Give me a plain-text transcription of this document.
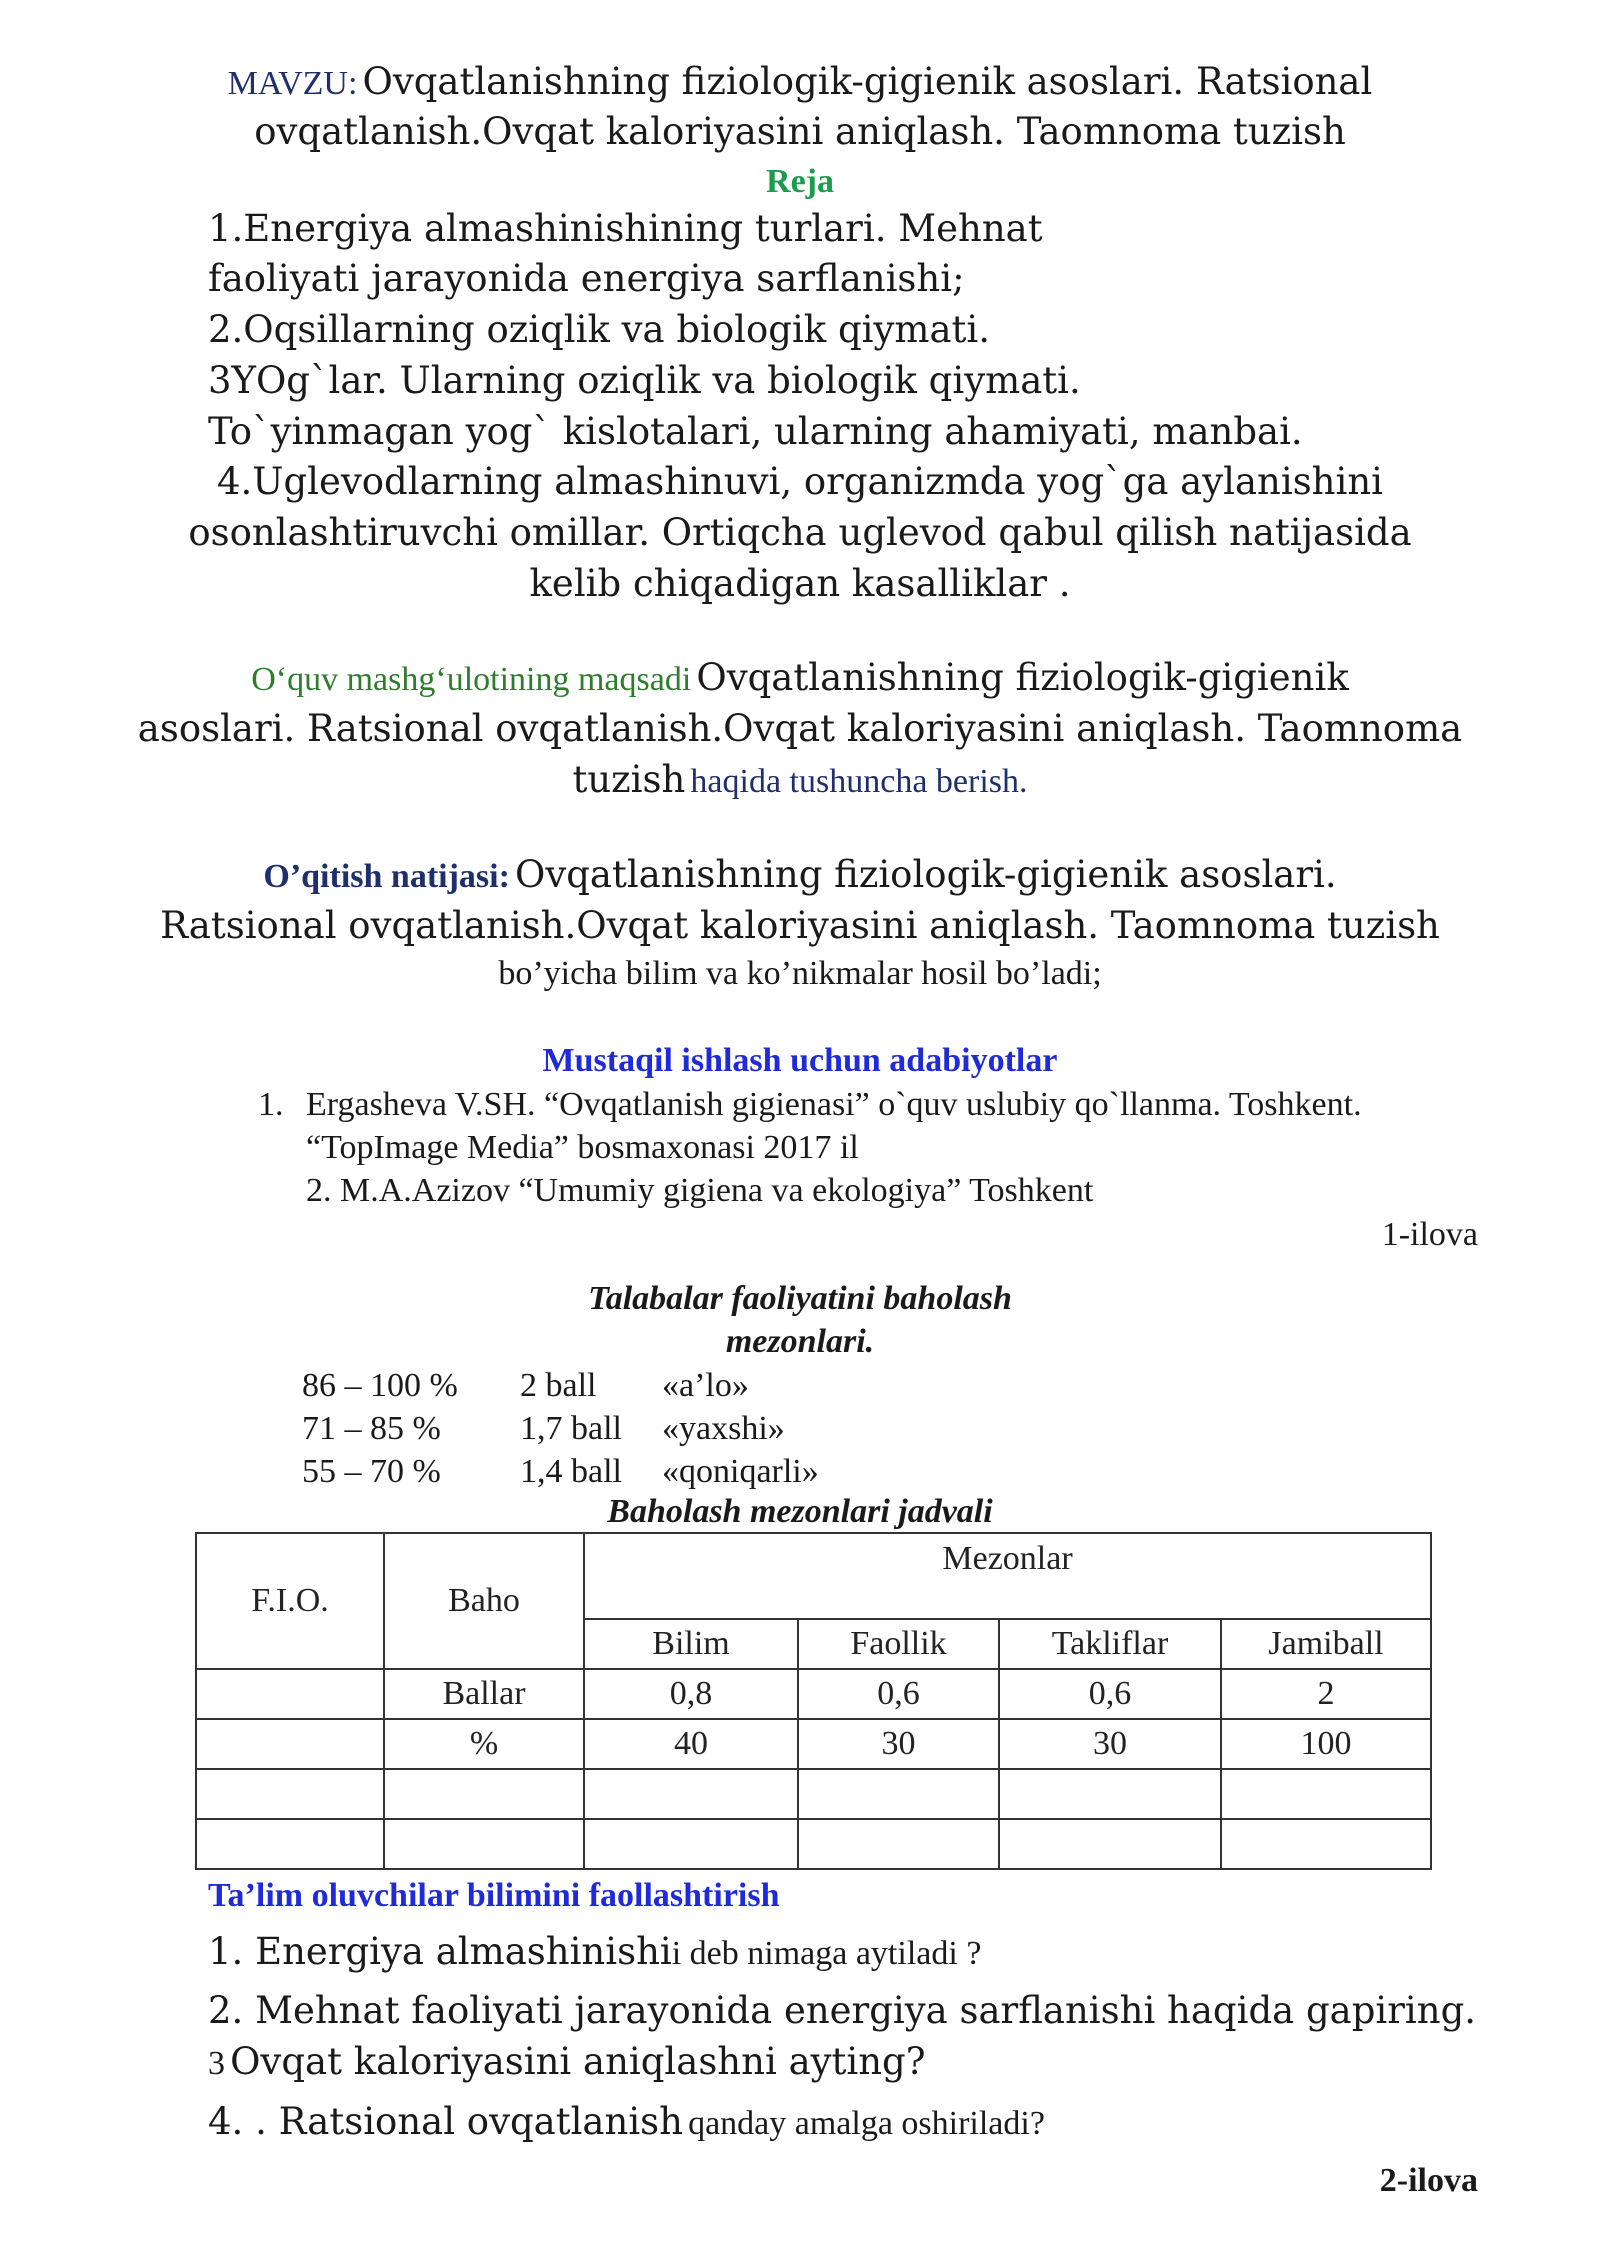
MAVZU: Ovqatlanishning fiziologik-gigienik asoslari. Ratsional
ovqatlanish.Ovqat kaloriyasini aniqlash. Taomnoma tuzish
Reja
1.Energiya almashinishining turlari. Mehnat
faoliyati jarayonida energiya sarflanishi;
2.Oqsillarning oziqlik va biologik qiymati.
3YOg`lar. Ularning oziqlik va biologik qiymati.
To`yinmagan yog` kislotalari, ularning ahamiyati, manbai.
4.Uglevodlarning almashinuvi, organizmda yog`ga aylanishini
osonlashtiruvchi omillar. Ortiqcha uglevod qabul qilish natijasida
kelib chiqadigan kasalliklar .
O‘quv mashg‘ulotining maqsadi Ovqatlanishning fiziologik-gigienik
asoslari. Ratsional ovqatlanish.Ovqat kaloriyasini aniqlash. Taomnoma
tuzish haqida tushuncha berish.
O’qitish natijasi: Ovqatlanishning fiziologik-gigienik asoslari.
Ratsional ovqatlanish.Ovqat kaloriyasini aniqlash. Taomnoma tuzish
bo’yicha bilim va ko’nikmalar hosil bo’ladi;
Mustaqil ishlash uchun adabiyotlar
1. Ergasheva V.SH. “Ovqatlanish gigienasi” o`quv uslubiy qo`llanma. Toshkent.
“TopImage Media” bosmaxonasi 2017 il
2. M.A.Azizov “Umumiy gigiena va ekologiya” Toshkent
1-ilova
Talabalar faoliyatini baholash
mezonlari.
86 – 100 % 2 ball «a’lo»
71 – 85 % 1,7 ball «yaxshi»
55 – 70 % 1,4 ball «qoniqarli»
Baholash mezonlari jadvali
F.I.O.	Baho	Mezonlar			
		Bilim	Faollik	Takliflar	Jamiball
	Ballar	0,8	0,6	0,6	2
	%	40	30	30	100

Ta’lim oluvchilar bilimini faollashtirish
1. Energiya almashinishii deb nimaga aytiladi ?
2. Mehnat faoliyati jarayonida energiya sarflanishi haqida gapiring.
3 Ovqat kaloriyasini aniqlashni ayting?
4. . Ratsional ovqatlanish qanday amalga oshiriladi?
2-ilova
